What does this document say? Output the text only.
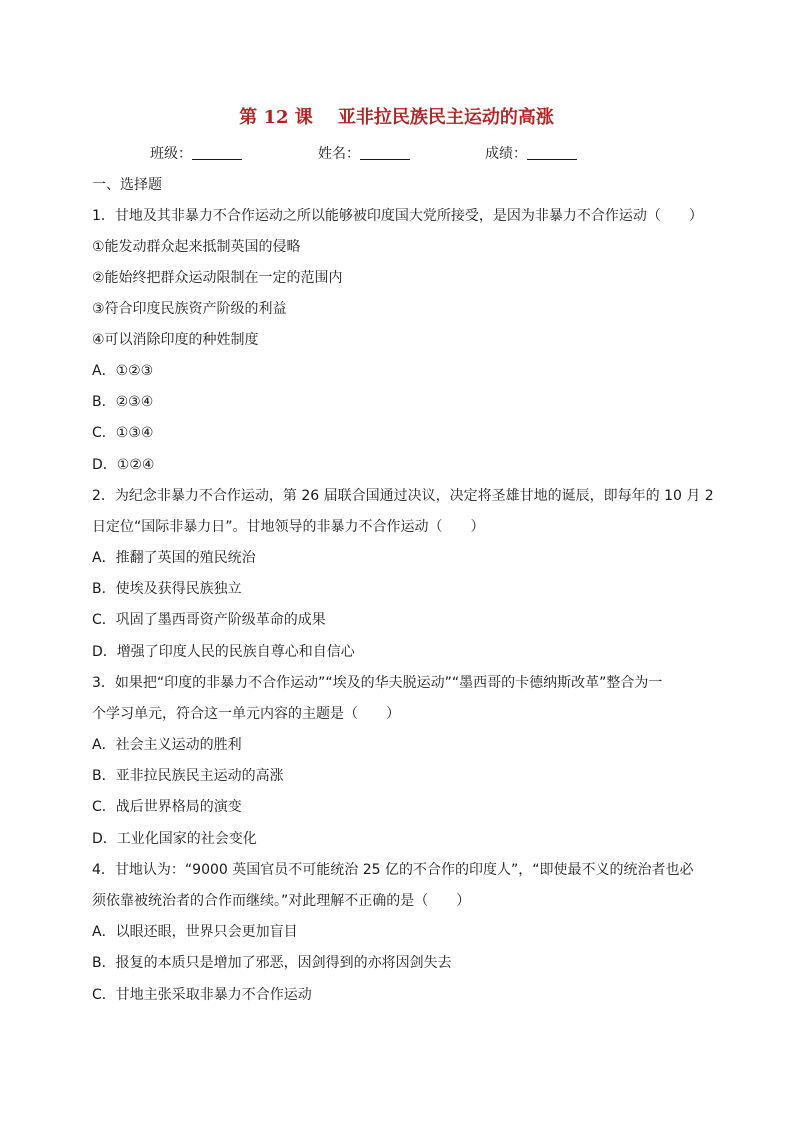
第 12 课    亚非拉民族民主运动的高涨
班级：	姓名：	成绩：
一、选择题
1．甘地及其非暴力不合作运动之所以能够被印度国大党所接受，是因为非暴力不合作运动（　　）
①能发动群众起来抵制英国的侵略
②能始终把群众运动限制在一定的范围内
③符合印度民族资产阶级的利益
④可以消除印度的种姓制度
A．①②③
B．②③④
C．①③④
D．①②④
2．为纪念非暴力不合作运动，第 26 届联合国通过决议，决定将圣雄甘地的诞辰，即每年的 10 月 2
日定位“国际非暴力日”。甘地领导的非暴力不合作运动（　　）
A．推翻了英国的殖民统治
B．使埃及获得民族独立
C．巩固了墨西哥资产阶级革命的成果
D．增强了印度人民的民族自尊心和自信心
3．如果把“印度的非暴力不合作运动”“埃及的华夫脱运动”“墨西哥的卡德纳斯改革”整合为一
个学习单元，符合这一单元内容的主题是（　　）
A．社会主义运动的胜利
B．亚非拉民族民主运动的高涨
C．战后世界格局的演变
D．工业化国家的社会变化
4．甘地认为：“9000 英国官员不可能统治 25 亿的不合作的印度人”，“即使最不义的统治者也必
须依靠被统治者的合作而继续。”对此理解不正确的是（　　）
A．以眼还眼，世界只会更加盲目
B．报复的本质只是增加了邪恶，因剑得到的亦将因剑失去
C．甘地主张采取非暴力不合作运动
